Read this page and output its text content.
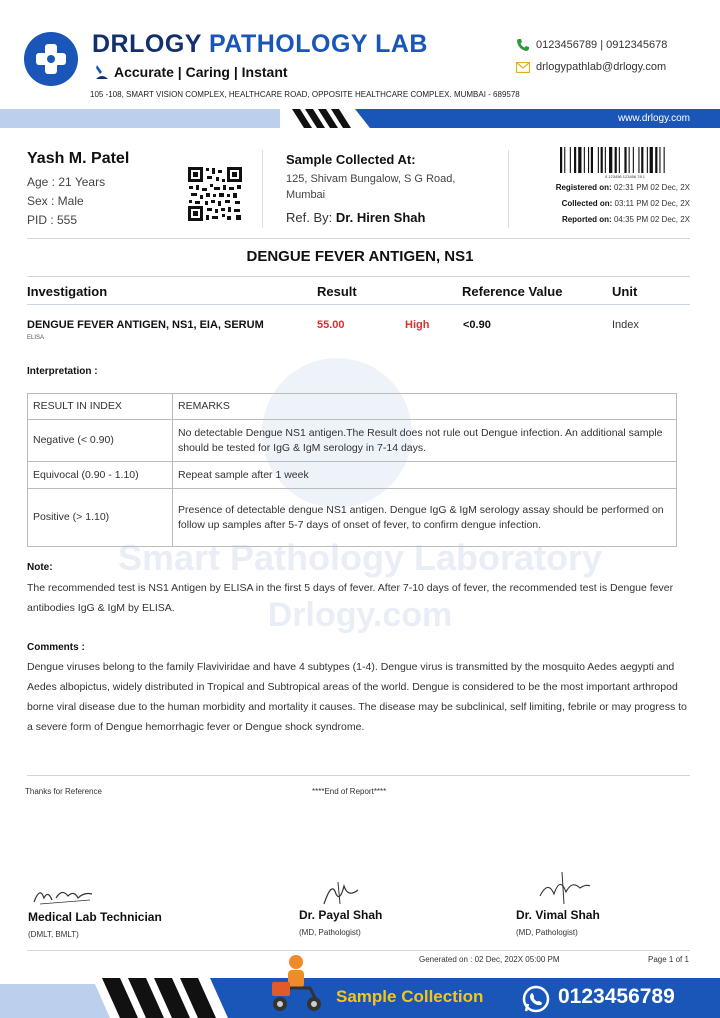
Smart Pathology Laboratory
Drlogy.com
DRLOGY PATHOLOGY LAB
Accurate | Caring | Instant
105 -108, SMART VISION COMPLEX, HEALTHCARE ROAD, OPPOSITE HEALTHCARE COMPLEX. MUMBAI - 689578
0123456789 | 0912345678
drlogypathlab@drlogy.com
www.drlogy.com
Yash M. Patel
Age : 21 Years
Sex : Male
PID : 555
Sample Collected At:
125, Shivam Bungalow, S G Road,
Mumbai
Ref. By: Dr. Hiren Shah
0 123456 123456 78 1
Registered on: 02:31 PM 02 Dec, 2X
Collected on: 03:11 PM 02 Dec, 2X
Reported on: 04:35 PM 02 Dec, 2X
DENGUE FEVER ANTIGEN, NS1
Investigation	Result	Reference Value	Unit
DENGUE FEVER ANTIGEN, NS1, EIA, SERUM
ELISA
55.00	High	<0.90	Index
Interpretation :
RESULT IN INDEX	REMARKS
Negative (< 0.90)	No detectable Dengue NS1 antigen.The Result does not rule out Dengue infection. An additional sample should be tested for IgG & IgM serology in 7-14 days.
Equivocal (0.90 - 1.10)	Repeat sample after 1 week
Positive (> 1.10)	Presence of detectable dengue NS1 antigen. Dengue IgG & IgM serology assay should be performed on follow up samples after 5-7 days of onset of fever, to confirm dengue infection.
Note:
The recommended test is NS1 Antigen by ELISA in the first 5 days of fever. After 7-10 days of fever, the recommended test is Dengue fever antibodies IgG & IgM by ELISA.
Comments :
Dengue viruses belong to the family Flaviviridae and have 4 subtypes (1-4). Dengue virus is transmitted by the mosquito Aedes aegypti and Aedes albopictus, widely distributed in Tropical and Subtropical areas of the world. Dengue is considered to be the most important arthropod borne viral disease due to the human morbidity and mortality it causes. The disease may be subclinical, self limiting, febrile or may progress to a severe form of Dengue hemorrhagic fever or Dengue shock syndrome.
Thanks for Reference	****End of Report****
Medical Lab Technician
(DMLT, BMLT)
Dr. Payal Shah
(MD, Pathologist)
Dr. Vimal Shah
(MD, Pathologist)
Generated on : 02 Dec, 202X 05:00 PM	Page 1 of 1
Sample Collection	0123456789
